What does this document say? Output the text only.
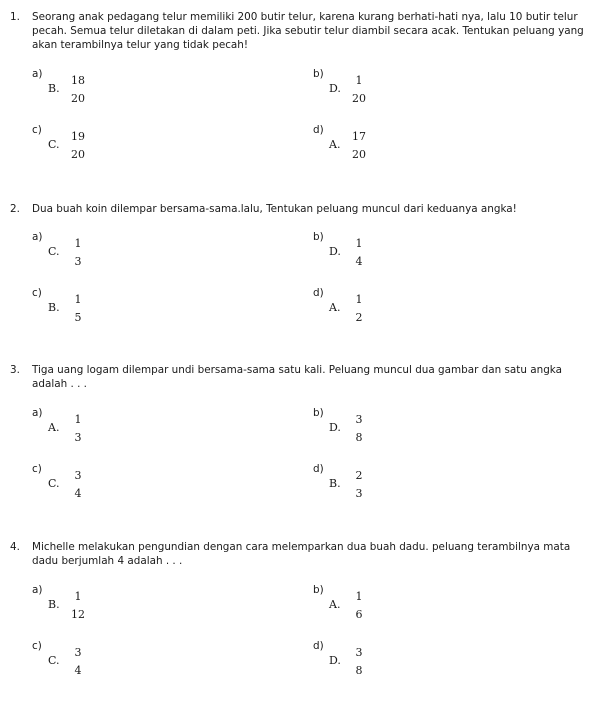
1. Seorang anak pedagang telur memiliki 200 butir telur, karena kurang berhati-hati nya, lalu 10 butir telur pecah. Semua telur diletakan di dalam peti. Jika sebutir telur diambil secara acak. Tentukan peluang yang akan terambilnya telur yang tidak pecah!
a)
B.
18
20
b)
D.
1
20
c)
C.
19
20
d)
A.
17
20
2. Dua buah koin dilempar bersama-sama.lalu, Tentukan peluang muncul dari keduanya angka!
a)
C.
1
3
b)
D.
1
4
c)
B.
1
5
d)
A.
1
2
3. Tiga uang logam dilempar undi bersama-sama satu kali. Peluang muncul dua gambar dan satu angka adalah . . .
a)
A.
1
3
b)
D.
3
8
c)
C.
3
4
d)
B.
2
3
4. Michelle melakukan pengundian dengan cara melemparkan dua buah dadu. peluang terambilnya mata dadu berjumlah 4 adalah . . .
a)
B.
1
12
b)
A.
1
6
c)
C.
3
4
d)
D.
3
8
